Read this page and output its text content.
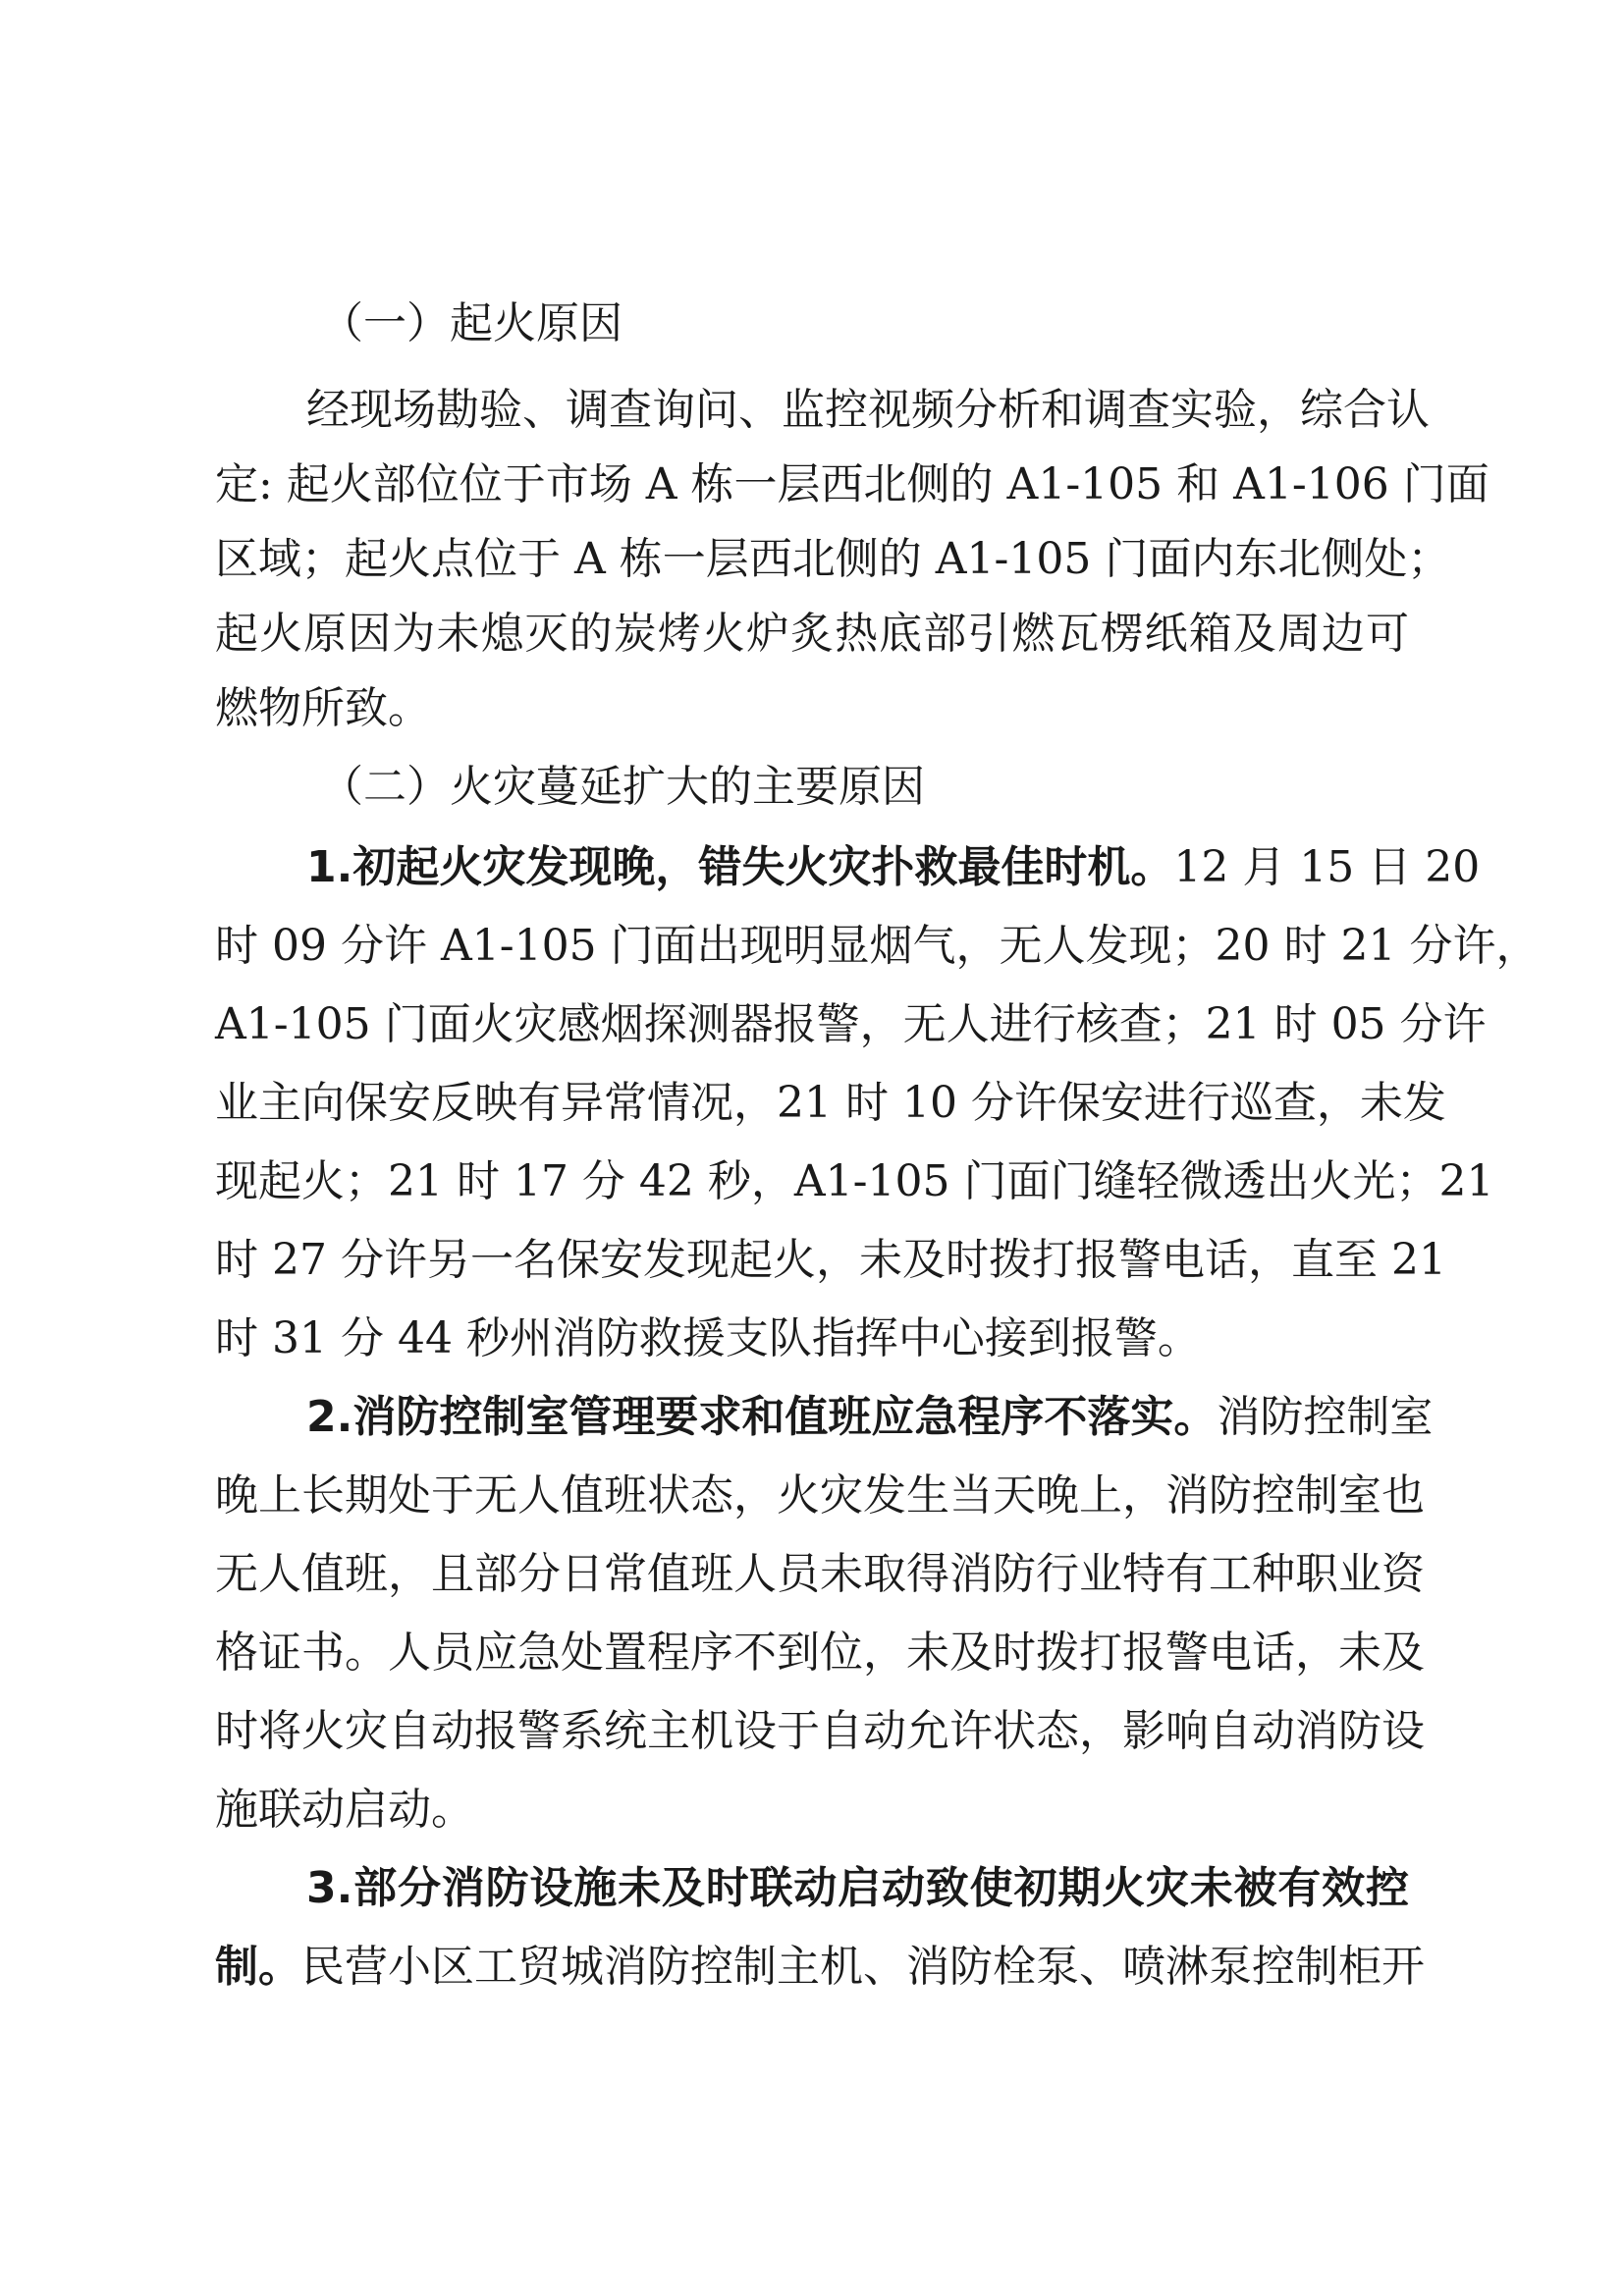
（一）起火原因
经现场勘验、调查询问、监控视频分析和调查实验，综合认
定: 起火部位位于市场 A 栋一层西北侧的 A1-105 和 A1-106 门面
区域；起火点位于 A 栋一层西北侧的 A1-105 门面内东北侧处；
起火原因为未熄灭的炭烤火炉炙热底部引燃瓦楞纸箱及周边可
燃物所致。
（二）火灾蔓延扩大的主要原因
1.初起火灾发现晚，错失火灾扑救最佳时机。12 月 15 日 20
时 09 分许 A1-105 门面出现明显烟气，无人发现；20 时 21 分许，
A1-105 门面火灾感烟探测器报警，无人进行核查；21 时 05 分许
业主向保安反映有异常情况，21 时 10 分许保安进行巡查，未发
现起火；21 时 17 分 42 秒，A1-105 门面门缝轻微透出火光；21
时 27 分许另一名保安发现起火，未及时拨打报警电话，直至 21
时 31 分 44 秒州消防救援支队指挥中心接到报警。
2.消防控制室管理要求和值班应急程序不落实。消防控制室
晚上长期处于无人值班状态，火灾发生当天晚上，消防控制室也
无人值班，且部分日常值班人员未取得消防行业特有工种职业资
格证书。人员应急处置程序不到位，未及时拨打报警电话，未及
时将火灾自动报警系统主机设于自动允许状态，影响自动消防设
施联动启动。
3.部分消防设施未及时联动启动致使初期火灾未被有效控
制。民营小区工贸城消防控制主机、消防栓泵、喷淋泵控制柜开
